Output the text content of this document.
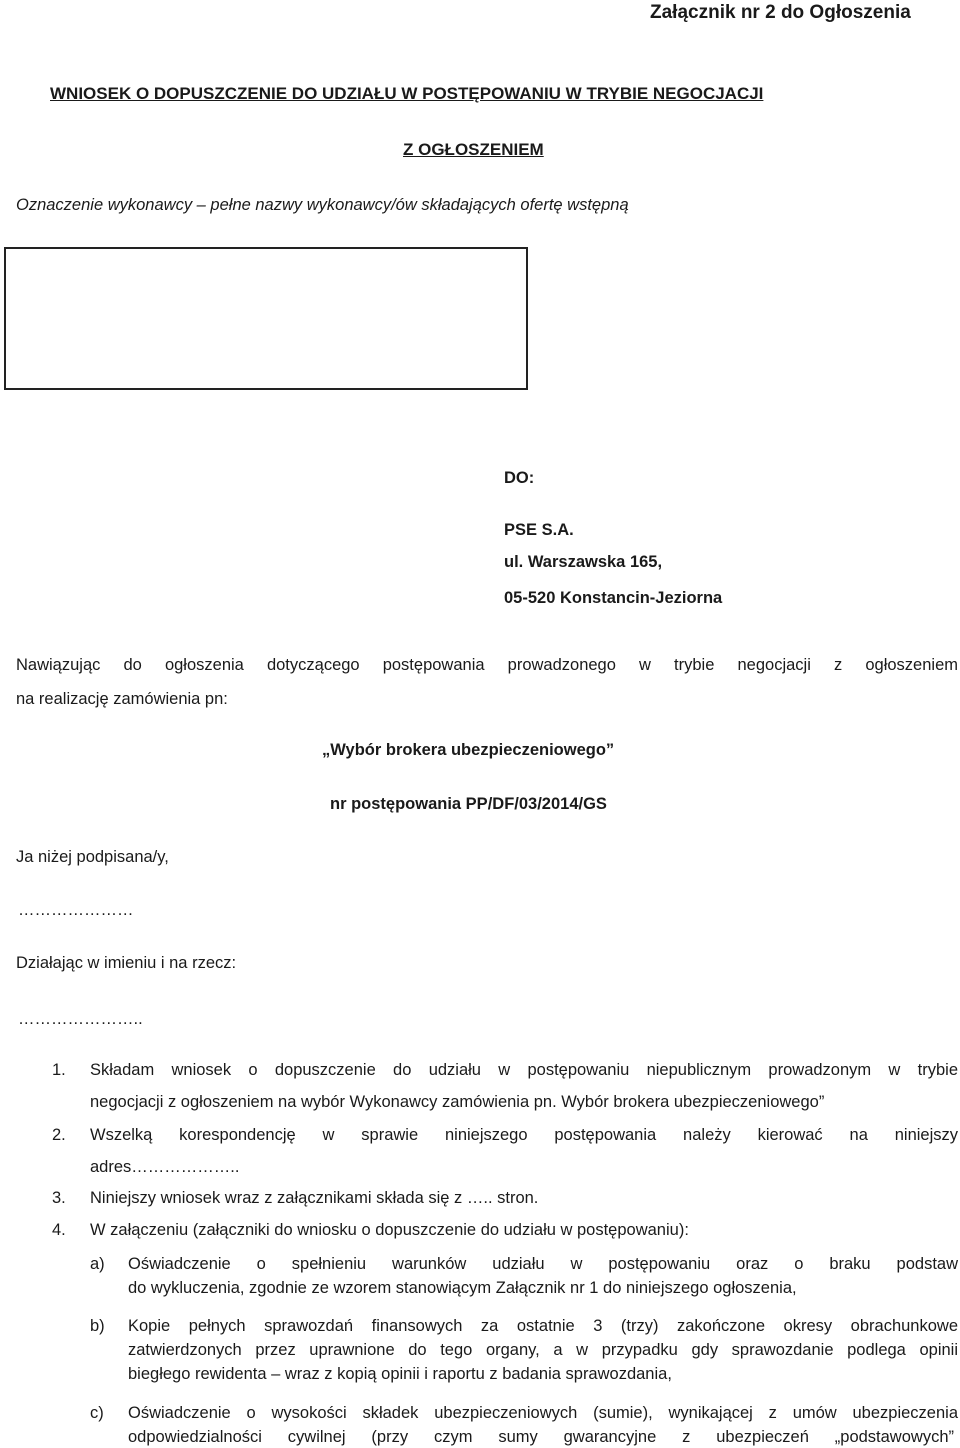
Załącznik nr 2 do Ogłoszenia
WNIOSEK O DOPUSZCZENIE DO UDZIAŁU W POSTĘPOWANIU W TRYBIE NEGOCJACJI
Z OGŁOSZENIEM
Oznaczenie wykonawcy – pełne nazwy wykonawcy/ów składających ofertę wstępną
DO:
PSE S.A.
ul. Warszawska 165,
05-520 Konstancin-Jeziorna
Nawiązując do ogłoszenia dotyczącego postępowania prowadzonego w trybie negocjacji z ogłoszeniem
na realizację zamówienia pn:
„Wybór brokera ubezpieczeniowego”
nr postępowania PP/DF/03/2014/GS
Ja niżej podpisana/y,
…………………
Działając w imieniu i na rzecz:
…………………..
1. Składam wniosek o dopuszczenie do udziału w postępowaniu niepublicznym prowadzonym w trybie
negocjacji z ogłoszeniem na wybór Wykonawcy zamówienia pn. Wybór brokera ubezpieczeniowego”
2. Wszelką korespondencję w sprawie niniejszego postępowania należy kierować na niniejszy
adres………………..
3. Niniejszy wniosek wraz z załącznikami składa się z ….. stron.
4. W załączeniu (załączniki do wniosku o dopuszczenie do udziału w postępowaniu):
a) Oświadczenie o spełnieniu warunków udziału w postępowaniu oraz o braku podstaw
do wykluczenia, zgodnie ze wzorem stanowiącym Załącznik nr 1 do niniejszego ogłoszenia,
b) Kopie pełnych sprawozdań finansowych za ostatnie 3 (trzy) zakończone okresy obrachunkowe
zatwierdzonych przez uprawnione do tego organy, a w przypadku gdy sprawozdanie podlega opinii
biegłego rewidenta – wraz z kopią opinii i raportu z badania sprawozdania,
c) Oświadczenie o wysokości składek ubezpieczeniowych (sumie), wynikającej z umów ubezpieczenia
odpowiedzialności cywilnej (przy czym sumy gwarancyjne z ubezpieczeń „podstawowych”
